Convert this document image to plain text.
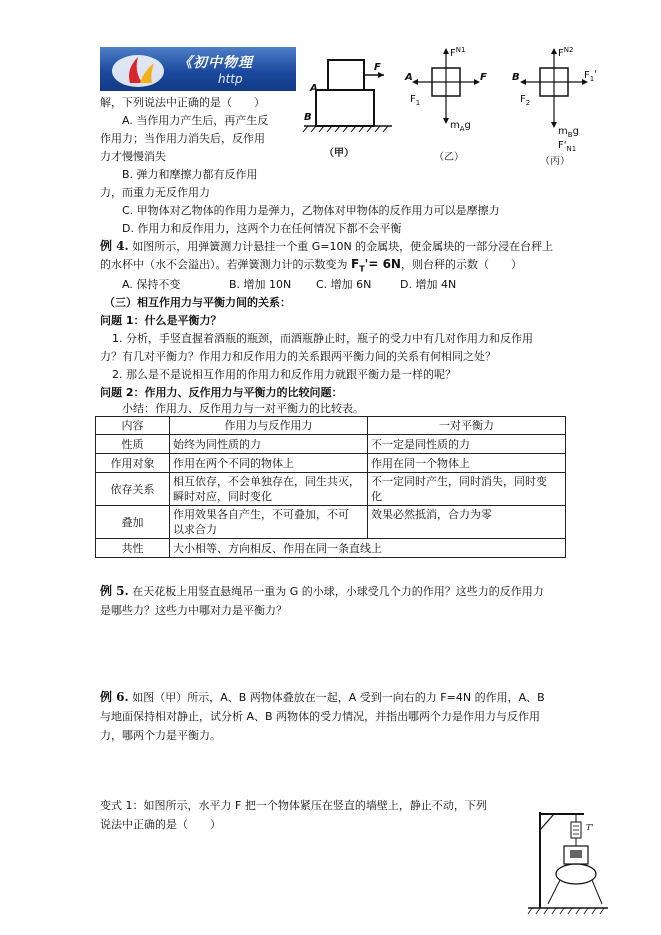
《初中物理
http
A
B
F
（甲）
A	F
$F^{N1}$
$F_1$
$m_Ag$
（乙）
B
$F^{N2}$
$F_1'$
$F_2$
$m_Bg$
$F'_{N1}$
（丙）
解，下列说法中正确的是（　　）
A. 当作用力产生后，再产生反
作用力；当作用力消失后，反作用
力才慢慢消失
B. 弹力和摩擦力都有反作用
力，而重力无反作用力
C. 甲物体对乙物体的作用力是弹力，乙物体对甲物体的反作用力可以是摩擦力
D. 作用力和反作用力，这两个力在任何情况下都不会平衡
例 4. 如图所示，用弹簧测力计悬挂一个重 G=10N 的金属块，使金属块的一部分浸在台秤上
的水杯中（水不会溢出）。若弹簧测力计的示数变为 $F_T'= 6N$，则台秤的示数（　　）
A. 保持不变	B. 增加 10N C. 增加 6N	D. 增加 4N
（三）相互作用力与平衡力间的关系：
问题 1：什么是平衡力？
1. 分析，手竖直握着酒瓶的瓶颈，而酒瓶静止时，瓶子的受力中有几对作用力和反作用
力？有几对平衡力？作用力和反作用力的关系跟两平衡力间的关系有何相同之处？
2. 那么是不是说相互作用的作用力和反作用力就跟平衡力是一样的呢？
问题 2：作用力、反作用力与平衡力的比较问题：
小结：作用力、反作用力与一对平衡力的比较表。
内容	作用力与反作用力	一对平衡力
性质	始终为同性质的力	不一定是同性质的力
作用对象	作用在两个不同的物体上	作用在同一个物体上
依存关系	相互依存，不会单独存在，同生共灭，
瞬时对应，同时变化	不一定同时产生，同时消失，同时变
化
叠加	作用效果各自产生，不可叠加，不可
以求合力	效果必然抵消，合力为零
共性	大小相等、方向相反、作用在同一条直线上	
例 5. 在天花板上用竖直悬绳吊一重为 G 的小球，小球受几个力的作用？这些力的反作用力
是哪些力？这些力中哪对力是平衡力？
例 6. 如图（甲）所示，A、B 两物体叠放在一起，A 受到一向右的力 F=4N 的作用，A、B
与地面保持相对静止，试分析 A、B 两物体的受力情况，并指出哪两个力是作用力与反作用
力，哪两个力是平衡力。
变式 1：如图所示，水平力 F 把一个物体紧压在竖直的墙壁上，静止不动，下列
说法中正确的是（　　）	T'
